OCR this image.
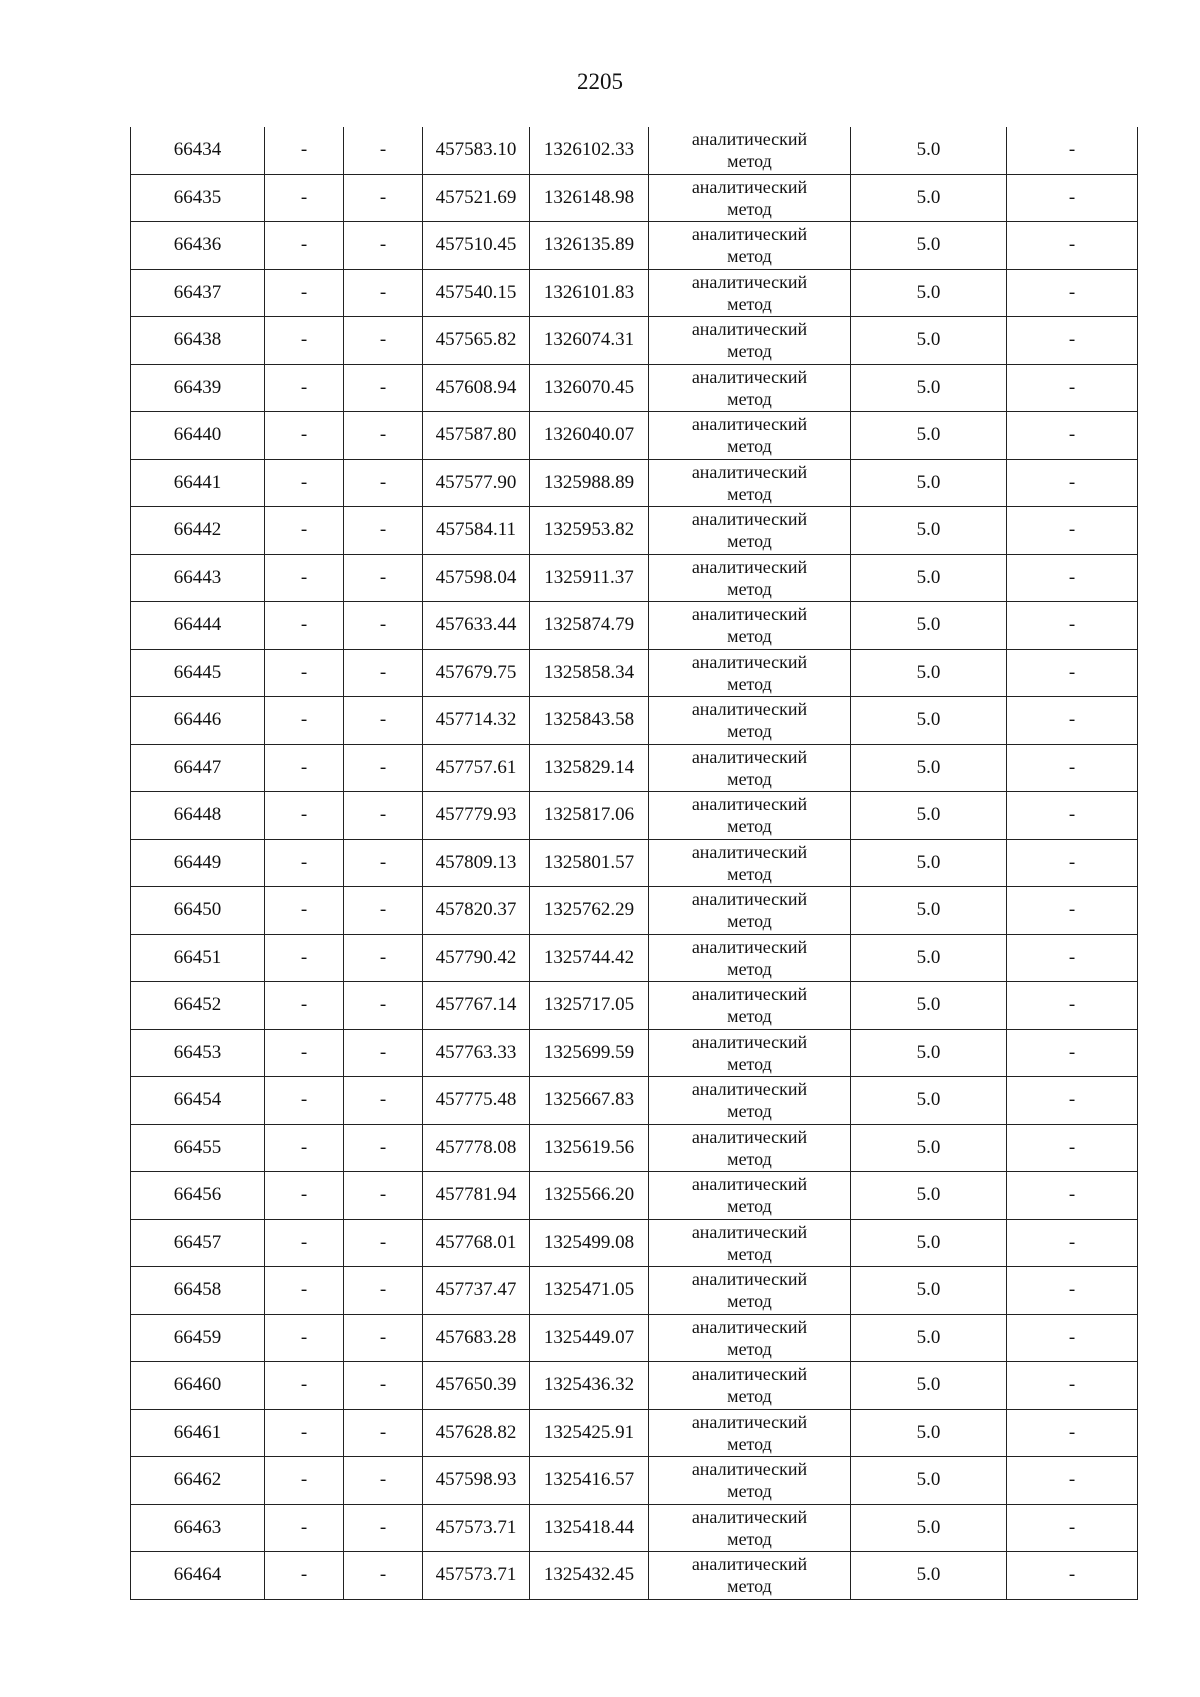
2205
66434	-	-	457583.10	1326102.33	аналитический
метод	5.0	-
66435	-	-	457521.69	1326148.98	аналитический
метод	5.0	-
66436	-	-	457510.45	1326135.89	аналитический
метод	5.0	-
66437	-	-	457540.15	1326101.83	аналитический
метод	5.0	-
66438	-	-	457565.82	1326074.31	аналитический
метод	5.0	-
66439	-	-	457608.94	1326070.45	аналитический
метод	5.0	-
66440	-	-	457587.80	1326040.07	аналитический
метод	5.0	-
66441	-	-	457577.90	1325988.89	аналитический
метод	5.0	-
66442	-	-	457584.11	1325953.82	аналитический
метод	5.0	-
66443	-	-	457598.04	1325911.37	аналитический
метод	5.0	-
66444	-	-	457633.44	1325874.79	аналитический
метод	5.0	-
66445	-	-	457679.75	1325858.34	аналитический
метод	5.0	-
66446	-	-	457714.32	1325843.58	аналитический
метод	5.0	-
66447	-	-	457757.61	1325829.14	аналитический
метод	5.0	-
66448	-	-	457779.93	1325817.06	аналитический
метод	5.0	-
66449	-	-	457809.13	1325801.57	аналитический
метод	5.0	-
66450	-	-	457820.37	1325762.29	аналитический
метод	5.0	-
66451	-	-	457790.42	1325744.42	аналитический
метод	5.0	-
66452	-	-	457767.14	1325717.05	аналитический
метод	5.0	-
66453	-	-	457763.33	1325699.59	аналитический
метод	5.0	-
66454	-	-	457775.48	1325667.83	аналитический
метод	5.0	-
66455	-	-	457778.08	1325619.56	аналитический
метод	5.0	-
66456	-	-	457781.94	1325566.20	аналитический
метод	5.0	-
66457	-	-	457768.01	1325499.08	аналитический
метод	5.0	-
66458	-	-	457737.47	1325471.05	аналитический
метод	5.0	-
66459	-	-	457683.28	1325449.07	аналитический
метод	5.0	-
66460	-	-	457650.39	1325436.32	аналитический
метод	5.0	-
66461	-	-	457628.82	1325425.91	аналитический
метод	5.0	-
66462	-	-	457598.93	1325416.57	аналитический
метод	5.0	-
66463	-	-	457573.71	1325418.44	аналитический
метод	5.0	-
66464	-	-	457573.71	1325432.45	аналитический
метод	5.0	-
